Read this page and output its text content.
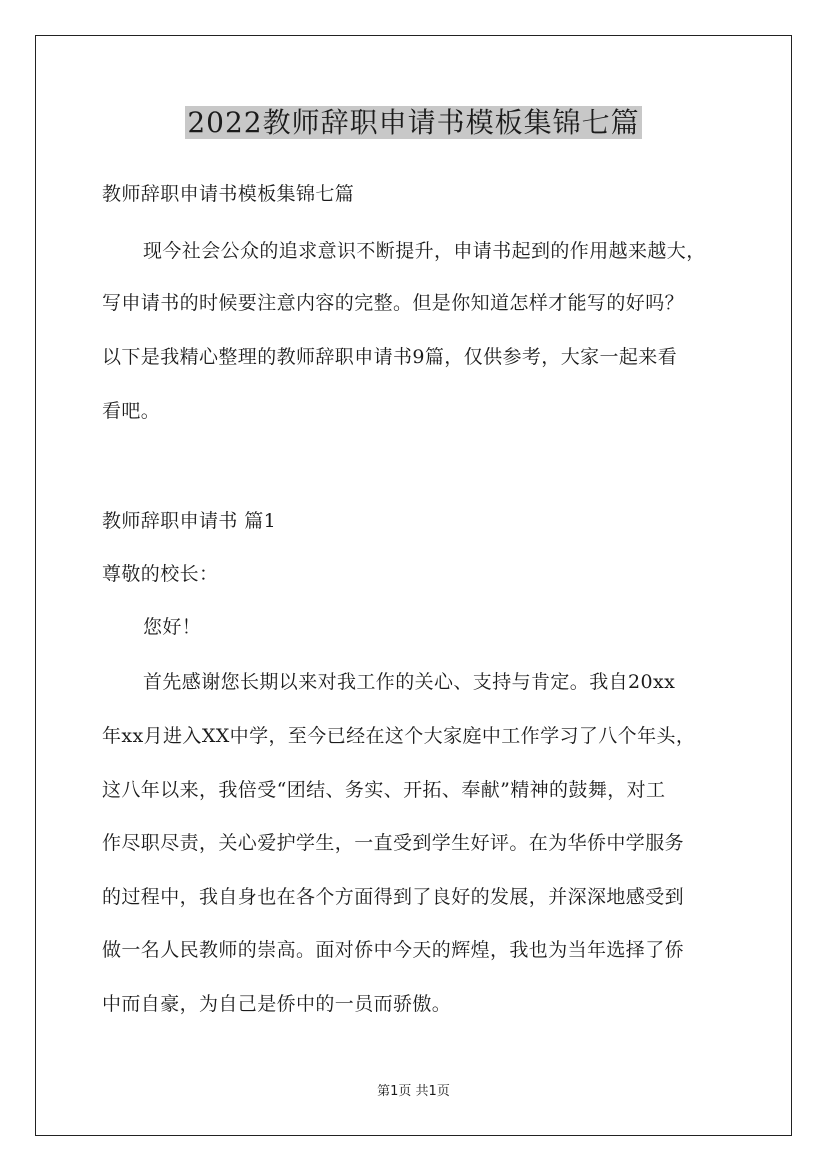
2022教师辞职申请书模板集锦七篇
教师辞职申请书模板集锦七篇
现今社会公众的追求意识不断提升，申请书起到的作用越来越大，
写申请书的时候要注意内容的完整。但是你知道怎样才能写的好吗？
以下是我精心整理的教师辞职申请书9篇，仅供参考，大家一起来看
看吧。
教师辞职申请书 篇1
尊敬的校长：
您好！
首先感谢您长期以来对我工作的关心、支持与肯定。我自20xx
年xx月进入XX中学，至今已经在这个大家庭中工作学习了八个年头，
这八年以来，我倍受“团结、务实、开拓、奉献”精神的鼓舞，对工
作尽职尽责，关心爱护学生，一直受到学生好评。在为华侨中学服务
的过程中，我自身也在各个方面得到了良好的发展，并深深地感受到
做一名人民教师的崇高。面对侨中今天的辉煌，我也为当年选择了侨
中而自豪，为自己是侨中的一员而骄傲。
第1页 共1页
